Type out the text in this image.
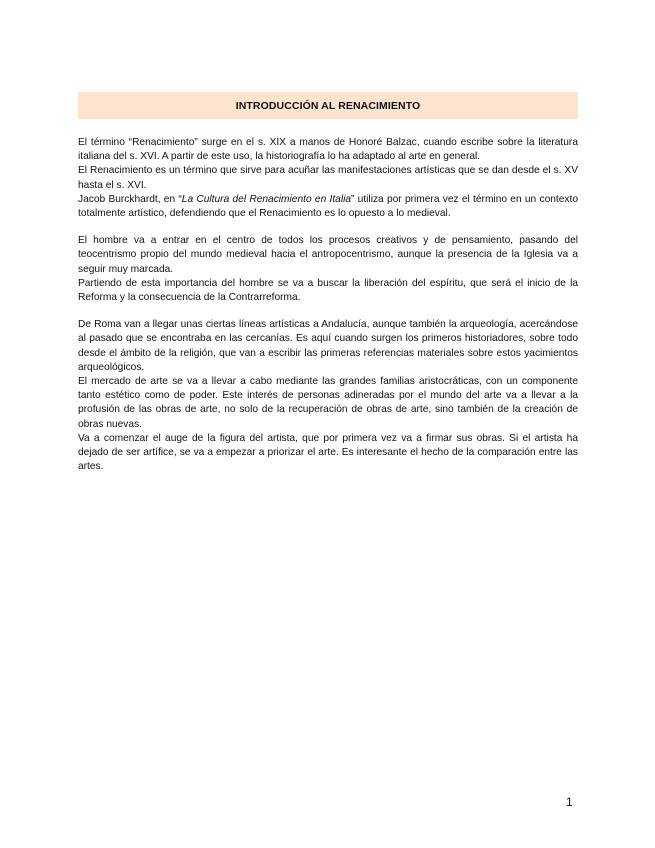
INTRODUCCIÓN AL RENACIMIENTO

El término “Renacimiento” surge en el s. XIX a manos de Honoré Balzac, cuando escribe sobre la literatura italiana del s. XVI. A partir de este uso, la historiografía lo ha adaptado al arte en general.

El Renacimiento es un término que sirve para acuñar las manifestaciones artísticas que se dan desde el s. XV hasta el s. XVI.

Jacob Burckhardt, en “La Cultura del Renacimiento en Italia” utiliza por primera vez el término en un contexto totalmente artístico, defendiendo que el Renacimiento es lo opuesto a lo medieval.

El hombre va a entrar en el centro de todos los procesos creativos y de pensamiento, pasando del teocentrismo propio del mundo medieval hacia el antropocentrismo, aunque la presencia de la Iglesia va a seguir muy marcada.

Partiendo de esta importancia del hombre se va a buscar la liberación del espíritu, que será el inicio de la Reforma y la consecuencia de la Contrarreforma.

De Roma van a llegar unas ciertas líneas artísticas a Andalucía, aunque también la arqueología, acercándose al pasado que se encontraba en las cercanías. Es aquí cuando surgen los primeros historiadores, sobre todo desde el ámbito de la religión, que van a escribir las primeras referencias materiales sobre estos yacimientos arqueológicos.

El mercado de arte se va a llevar a cabo mediante las grandes familias aristocráticas, con un componente tanto estético como de poder. Este interés de personas adineradas por el mundo del arte va a llevar a la profusión de las obras de arte, no solo de la recuperación de obras de arte, sino también de la creación de obras nuevas.

Va a comenzar el auge de la figura del artista, que por primera vez va a firmar sus obras. Si el artista ha dejado de ser artífice, se va a empezar a priorizar el arte. Es interesante el hecho de la comparación entre las artes.

1
